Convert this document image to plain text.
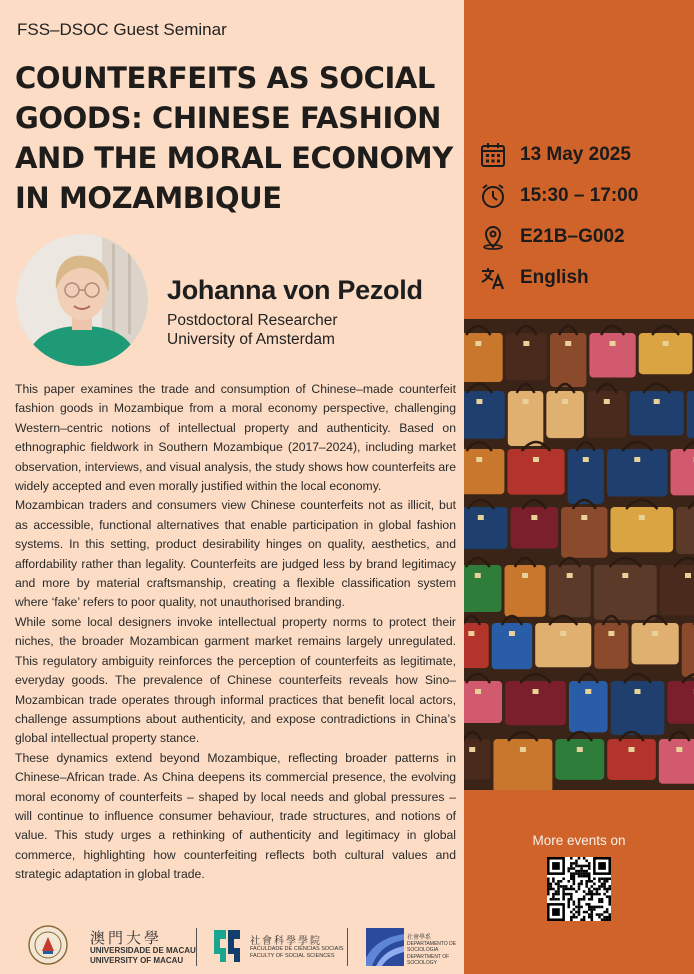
FSS–DSOC Guest Seminar
COUNTERFEITS AS SOCIAL GOODS: CHINESE FASHION AND THE MORAL ECONOMY IN MOZAMBIQUE
Johanna von Pezold
Postdoctoral Researcher
University of Amsterdam

This paper examines the trade and consumption of Chinese–made counterfeit fashion goods in Mozambique from a moral economy perspective, challenging Western–centric notions of intellectual property and authenticity. Based on ethnographic fieldwork in Southern Mozambique (2017–2024), including market observation, interviews, and visual analysis, the study shows how counterfeits are widely accepted and even morally justified within the local economy.

Mozambican traders and consumers view Chinese counterfeits not as illicit, but as accessible, functional alternatives that enable participation in global fashion systems. In this setting, product desirability hinges on quality, aesthetics, and affordability rather than legality. Counterfeits are judged less by brand legitimacy and more by material craftsmanship, creating a flexible classification system where ‘fake’ refers to poor quality, not unauthorised branding.

While some local designers invoke intellectual property norms to protect their niches, the broader Mozambican garment market remains largely unregulated. This regulatory ambiguity reinforces the perception of counterfeits as legitimate, everyday goods. The prevalence of Chinese counterfeits reveals how Sino–Mozambican trade operates through informal practices that benefit local actors, challenge assumptions about authenticity, and expose contradictions in China’s global intellectual property stance.

These dynamics extend beyond Mozambique, reflecting broader patterns in Chinese–African trade. As China deepens its commercial presence, the evolving moral economy of counterfeits – shaped by local needs and global pressures – will continue to influence consumer behaviour, trade structures, and notions of value. This study urges a rethinking of authenticity and legitimacy in global commerce, highlighting how counterfeiting reflects both cultural values and strategic adaptation in global trade.

澳門大學
UNIVERSIDADE DE MACAU
UNIVERSITY OF MACAU
社會科學學院
FACULDADE DE CIÊNCIAS SOCIAIS
FACULTY OF SOCIAL SCIENCES
社會學系
DEPARTAMENTO DE SOCIOLOGIA
DEPARTMENT OF SOCIOLOGY
13 May 2025
15:30 – 17:00
E21B–G002
English
More events on
